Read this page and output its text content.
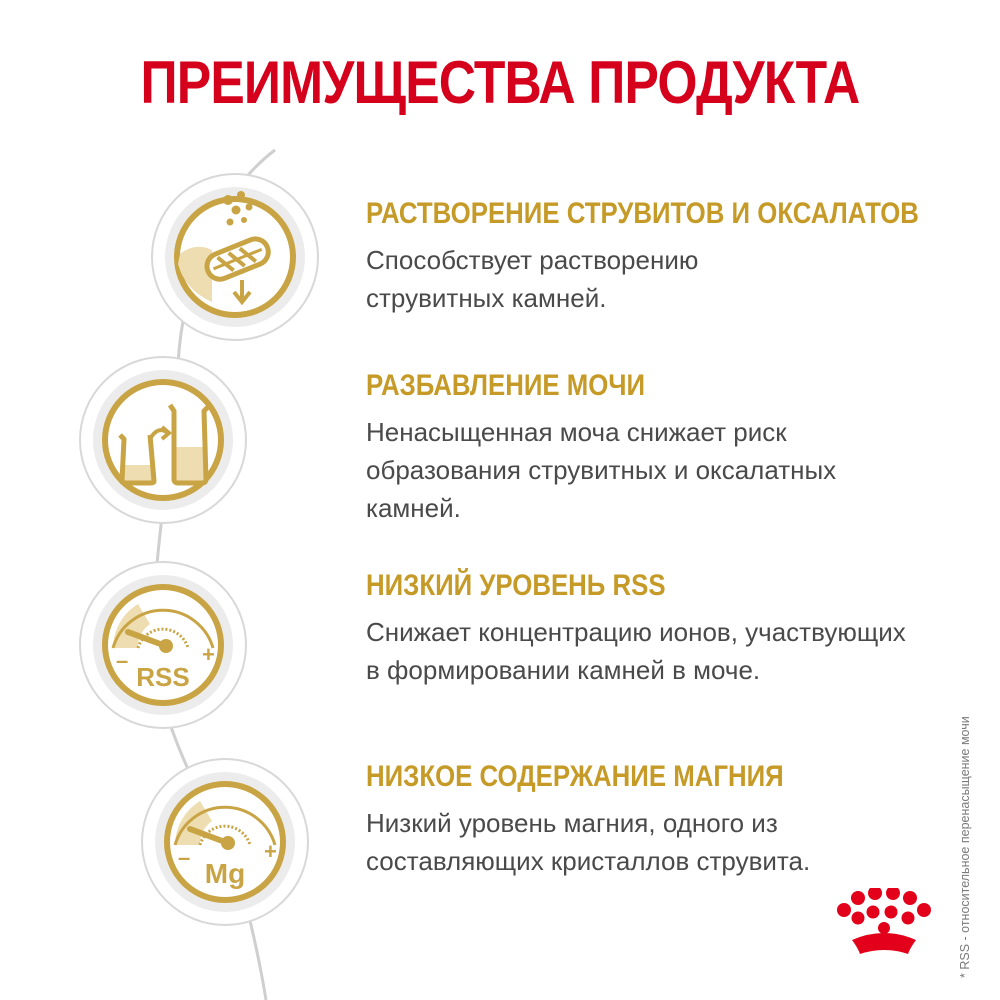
ПРЕИМУЩЕСТВА ПРОДУКТА
–	+
RSS
–	+
Mg
РАСТВОРЕНИЕ СТРУВИТОВ И ОКСАЛАТОВ
Способствует растворению струвитных камней.
РАЗБАВЛЕНИЕ МОЧИ
Ненасыщенная моча снижает риск образования струвитных и оксалатных камней.
НИЗКИЙ УРОВЕНЬ RSS
Снижает концентрацию ионов, участвующих в формировании камней в моче.
НИЗКОЕ СОДЕРЖАНИЕ МАГНИЯ
Низкий уровень магния, одного из составляющих кристаллов струвита.	* RSS - относительное перенасыщение мочи
